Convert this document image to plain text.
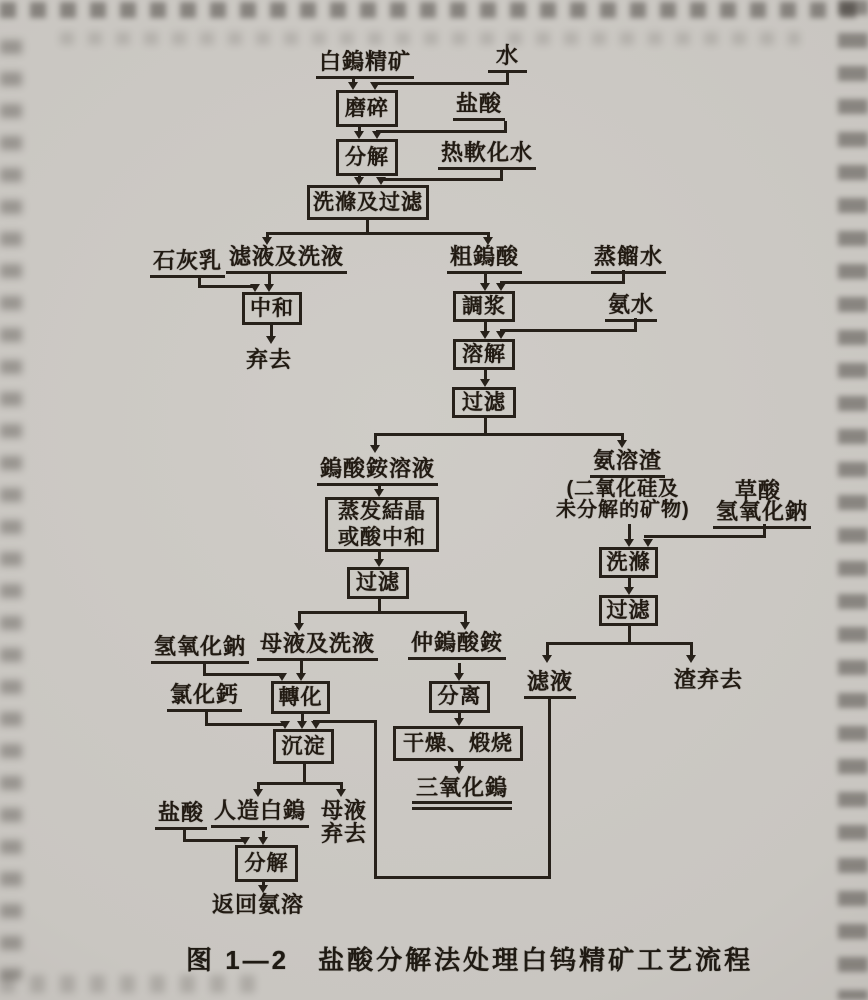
白鎢精矿	水
盐酸
热軟化水
石灰乳 滤液及洗液
弃去
粗鎢酸	蒸餾水
氨水
鎢酸銨溶液
氢氧化鈉 母液及洗液 仲鎢酸銨
氯化鈣
盐酸 人造白鎢 母液
弃去
返回氨溶
三氧化鎢
氨溶渣
(二氧化硅及
未分解的矿物)
草酸
氢氧化鈉
滤液	渣弃去
磨碎
分解
洗滌及过滤
中和	調浆
溶解
过滤
蒸发結晶
或酸中和
过滤
轉化
沉淀
分离
干燥、煅烧
分解
洗滌
过滤
图 1—2　盐酸分解法处理白钨精矿工艺流程
